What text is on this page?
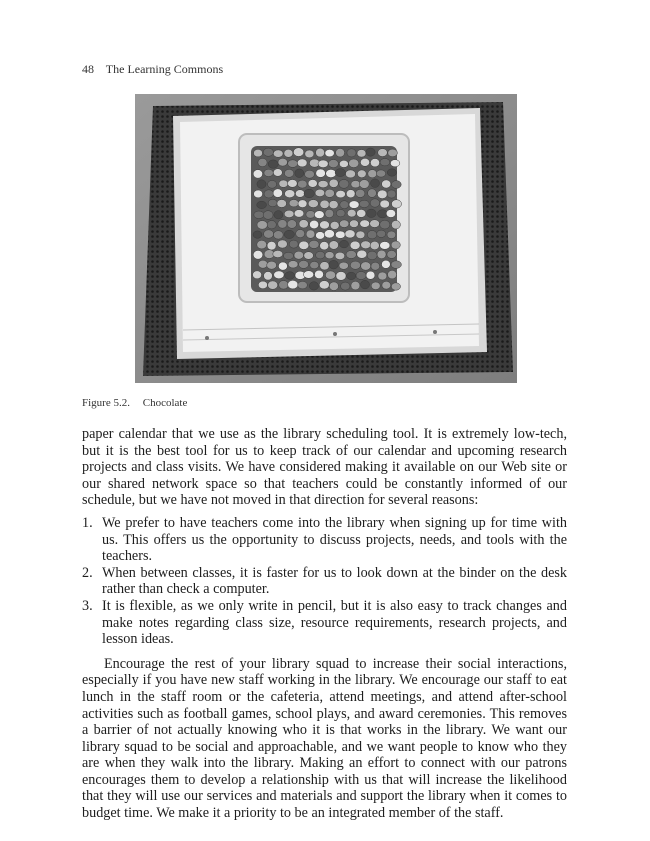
48 The Learning Commons
Figure 5.2. Chocolate

paper calendar that we use as the library scheduling tool. It is extremely low-tech, but it is the best tool for us to keep track of our calendar and upcoming research projects and class visits. We have considered making it available on our Web site or our shared network space so that teachers could be constantly informed of our schedule, but we have not moved in that direction for several reasons:

1. We prefer to have teachers come into the library when signing up for time with us. This offers us the opportunity to discuss projects, needs, and tools with the teachers.
2. When between classes, it is faster for us to look down at the binder on the desk rather than check a computer.
3. It is flexible, as we only write in pencil, but it is also easy to track changes and make notes regarding class size, resource requirements, research projects, and lesson ideas.

Encourage the rest of your library squad to increase their social interactions, especially if you have new staff working in the library. We encourage our staff to eat lunch in the staff room or the cafeteria, attend meetings, and attend after-school activities such as football games, school plays, and award ceremonies. This removes a barrier of not actually knowing who it is that works in the library. We want our library squad to be social and approachable, and we want people to know who they are when they walk into the library. Making an effort to connect with our patrons encourages them to develop a relationship with us that will increase the likelihood that they will use our services and materials and support the library when it comes to budget time. We make it a priority to be an integrated member of the staff.
